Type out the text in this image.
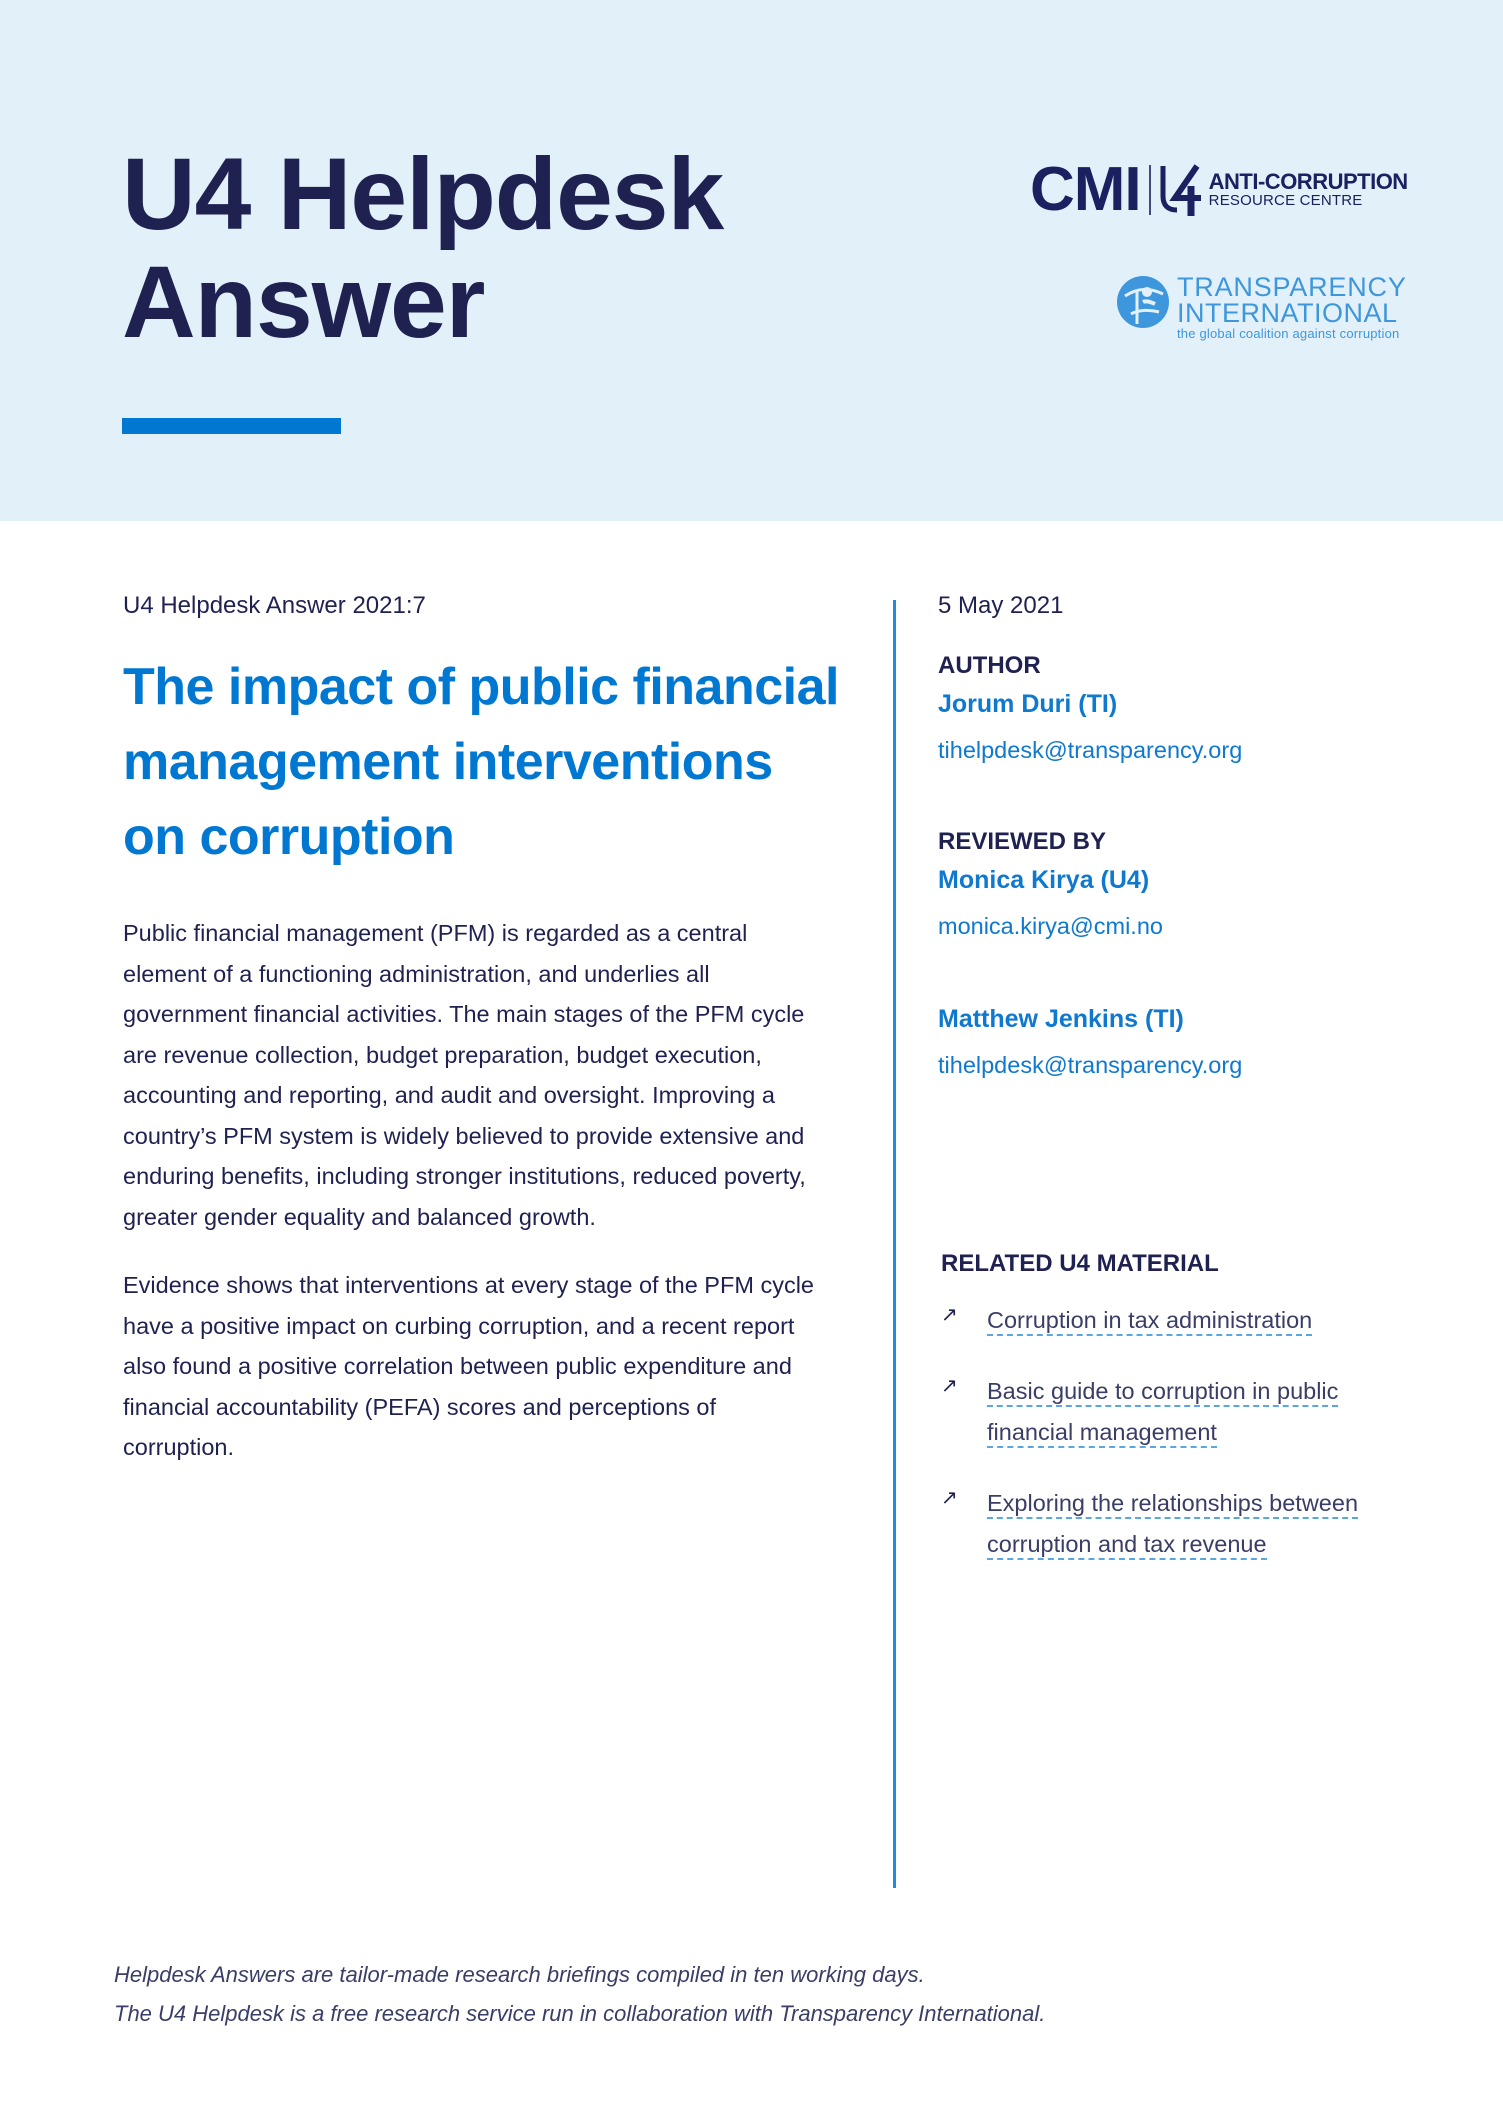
U4 Helpdesk
Answer
CMI	ANTI-CORRUPTION
RESOURCE CENTRE
TRANSPARENCY
INTERNATIONAL
the global coalition against corruption
U4 Helpdesk Answer 2021:7
The impact of public financial management interventions on corruption

Public financial management (PFM) is regarded as a central element of a functioning administration, and underlies all government financial activities. The main stages of the PFM cycle are revenue collection, budget preparation, budget execution, accounting and reporting, and audit and oversight. Improving a country’s PFM system is widely believed to provide extensive and enduring benefits, including stronger institutions, reduced poverty, greater gender equality and balanced growth.

Evidence shows that interventions at every stage of the PFM cycle have a positive impact on curbing corruption, and a recent report also found a positive correlation between public expenditure and financial accountability (PEFA) scores and perceptions of corruption.

5 May 2021
AUTHOR
Jorum Duri (TI)
tihelpdesk@transparency.org
REVIEWED BY
Monica Kirya (U4)
monica.kirya@cmi.no
Matthew Jenkins (TI)
tihelpdesk@transparency.org
RELATED U4 MATERIAL
↗	Corruption in tax administration
↗	Basic guide to corruption in public financial management
↗	Exploring the relationships between corruption and tax revenue
Helpdesk Answers are tailor-made research briefings compiled in ten working days.
The U4 Helpdesk is a free research service run in collaboration with Transparency International.
